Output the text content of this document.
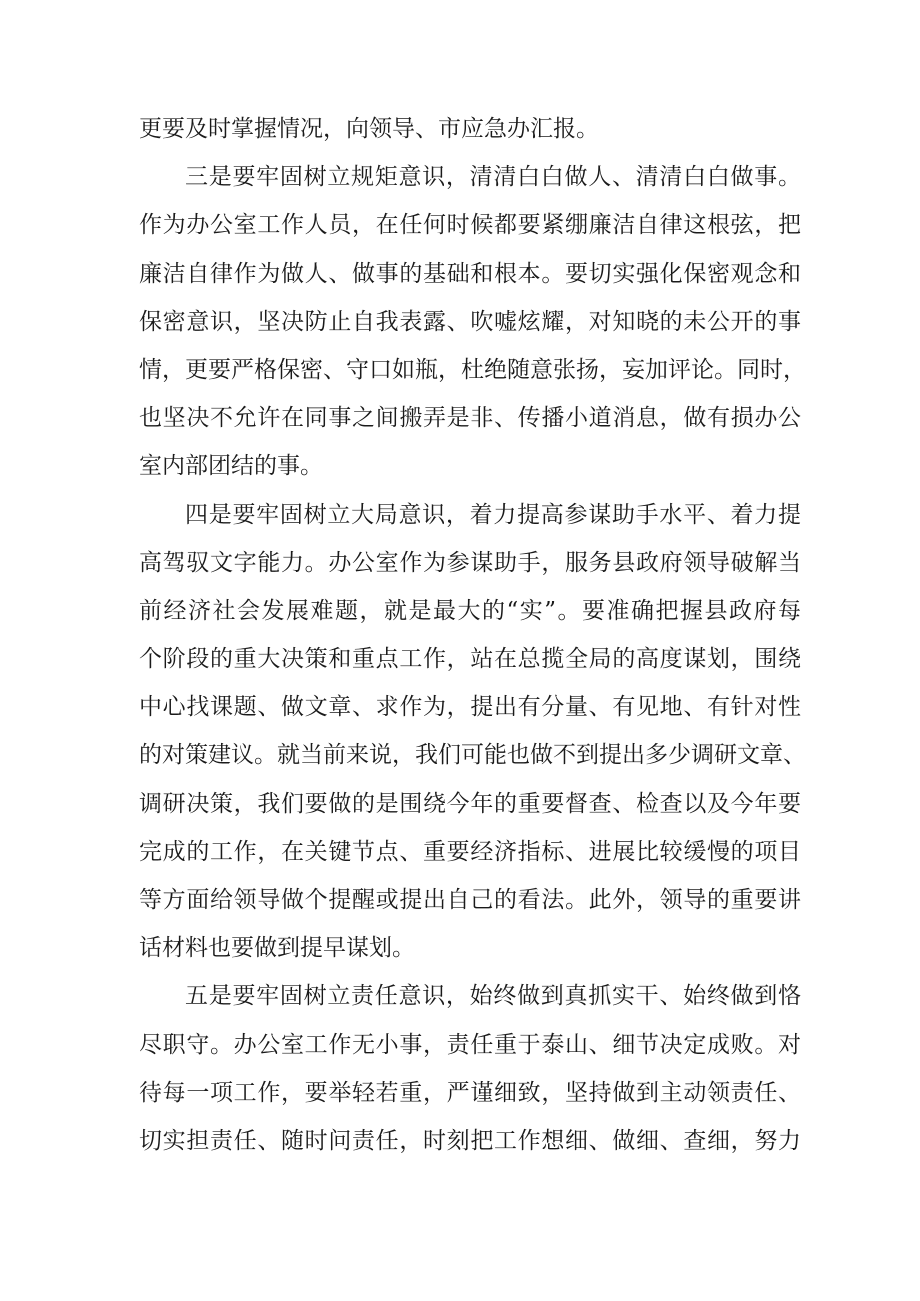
更要及时掌握情况，向领导、市应急办汇报。
三是要牢固树立规矩意识，清清白白做人、清清白白做事。
作为办公室工作人员，在任何时候都要紧绷廉洁自律这根弦，把
廉洁自律作为做人、做事的基础和根本。要切实强化保密观念和
保密意识，坚决防止自我表露、吹嘘炫耀，对知晓的未公开的事
情，更要严格保密、守口如瓶，杜绝随意张扬，妄加评论。同时，
也坚决不允许在同事之间搬弄是非、传播小道消息，做有损办公
室内部团结的事。
四是要牢固树立大局意识，着力提高参谋助手水平、着力提
高驾驭文字能力。办公室作为参谋助手，服务县政府领导破解当
前经济社会发展难题，就是最大的“实”。要准确把握县政府每
个阶段的重大决策和重点工作，站在总揽全局的高度谋划，围绕
中心找课题、做文章、求作为，提出有分量、有见地、有针对性
的对策建议。就当前来说，我们可能也做不到提出多少调研文章、
调研决策，我们要做的是围绕今年的重要督查、检查以及今年要
完成的工作，在关键节点、重要经济指标、进展比较缓慢的项目
等方面给领导做个提醒或提出自己的看法。此外，领导的重要讲
话材料也要做到提早谋划。
五是要牢固树立责任意识，始终做到真抓实干、始终做到恪
尽职守。办公室工作无小事，责任重于泰山、细节决定成败。对
待每一项工作，要举轻若重，严谨细致，坚持做到主动领责任、
切实担责任、随时问责任，时刻把工作想细、做细、查细，努力
